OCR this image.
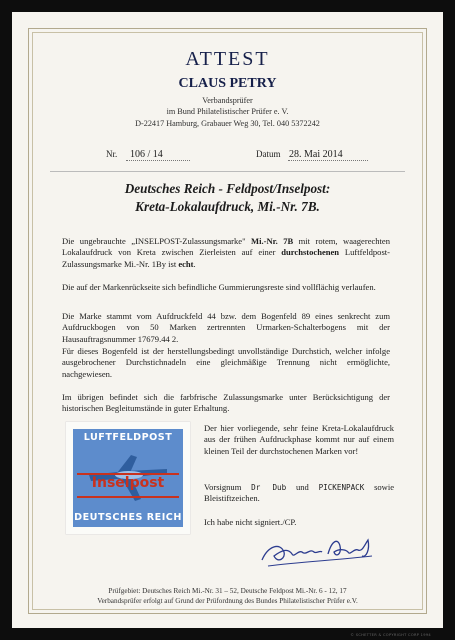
ATTEST
CLAUS PETRY
Verbandsprüfer
im Bund Philatelistischer Prüfer e. V.
D-22417 Hamburg, Grabauer Weg 30, Tel. 040 5372242
Nr. 106 / 14	Datum 28. Mai 2014
Deutsches Reich - Feldpost/Inselpost:
Kreta-Lokalaufdruck, Mi.-Nr. 7B.
Die ungebrauchte „INSELPOST-Zulassungsmarke" Mi.-Nr. 7B mit rotem, waagerechten Lokalaufdruck von Kreta zwischen Zierleisten auf einer durchstochenen Luftfeldpost-Zulassungsmarke Mi.-Nr. 1By ist echt.
Die auf der Markenrückseite sich befindliche Gummierungsreste sind vollflächig verlaufen.
Die Marke stammt vom Aufdruckfeld 44 bzw. dem Bogenfeld 89 eines senkrecht zum Aufdruckbogen von 50 Marken zertrennten Urmarken-Schalterbogens mit der Hausauftragsnummer 17679.44 2.
Für dieses Bogenfeld ist der herstellungsbedingt unvollständige Durchstich, welcher infolge ausgebrochener Durchstichnadeln eine gleichmäßige Trennung nicht ermöglichte, nachgewiesen.
Im übrigen befindet sich die farbfrische Zulassungsmarke unter Berücksichtigung der historischen Begleitumstände in guter Erhaltung.
LUFTFELDPOST
Inselpost
DEUTSCHES REICH
Der hier vorliegende, sehr feine Kreta-Lokalaufdruck aus der frühen Aufdruckphase kommt nur auf einem kleinen Teil der durchstochenen Marken vor!
Vorsignum Dr Dub und PICKENPACK sowie Bleistiftzeichen.
Ich habe nicht signiert./CP.
Prüfgebiet: Deutsches Reich Mi.-Nr. 31 – 52, Deutsche Feldpost Mi.-Nr. 6 - 12, 17
Verbandsprüfer erfolgt auf Grund der Prüfordnung des Bundes Philatelistischer Prüfer e.V.
© SCHETTER & COPYRIGHT CORP 1994
